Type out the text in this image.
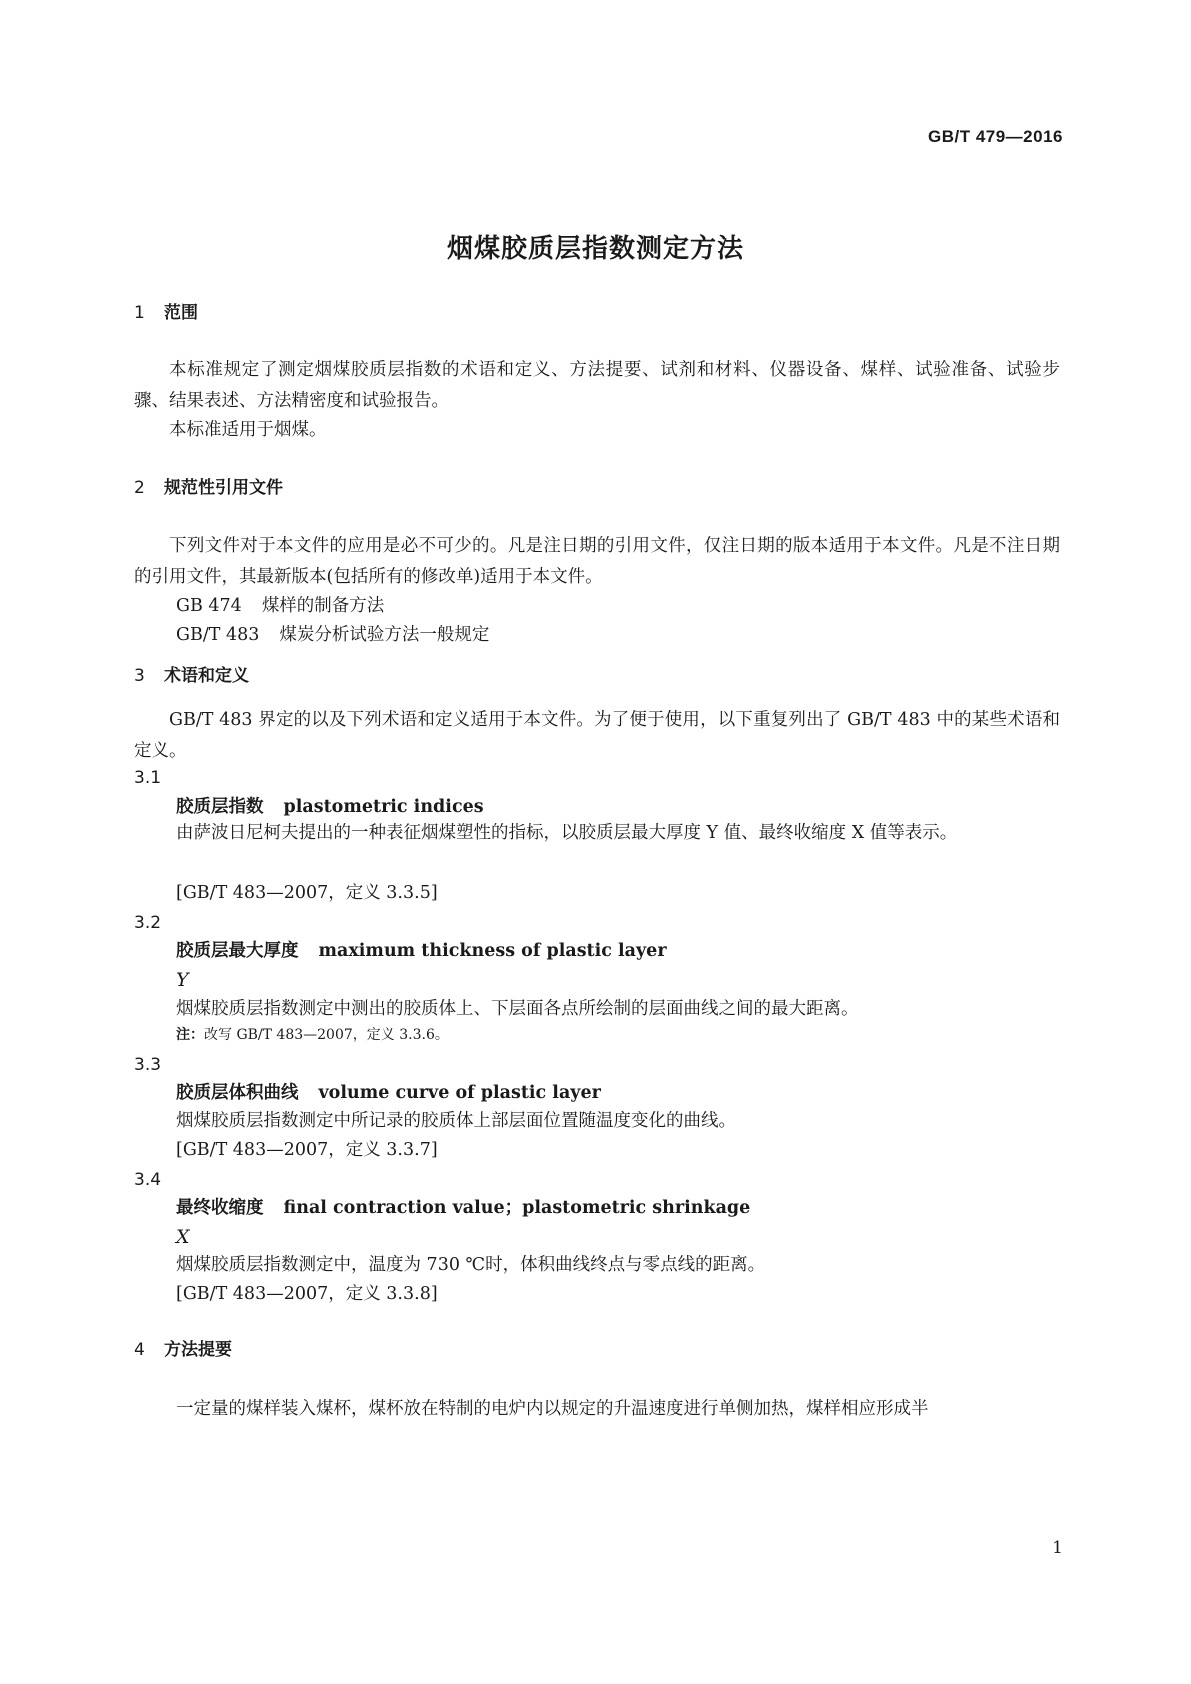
GB/T 479—2016
烟煤胶质层指数测定方法
1 范围

本标准规定了测定烟煤胶质层指数的术语和定义、方法提要、试剂和材料、仪器设备、煤样、试验准备、试验步骤、结果表述、方法精密度和试验报告。

本标准适用于烟煤。

2 规范性引用文件

下列文件对于本文件的应用是必不可少的。凡是注日期的引用文件，仅注日期的版本适用于本文件。凡是不注日期的引用文件，其最新版本(包括所有的修改单)适用于本文件。

GB 474 煤样的制备方法
GB/T 483 煤炭分析试验方法一般规定
3 术语和定义

GB/T 483 界定的以及下列术语和定义适用于本文件。为了便于使用，以下重复列出了 GB/T 483 中的某些术语和定义。

3.1
胶质层指数 plastometric indices

由萨波日尼柯夫提出的一种表征烟煤塑性的指标，以胶质层最大厚度 Y 值、最终收缩度 X 值等表示。

[GB/T 483—2007，定义 3.3.5]
3.2
胶质层最大厚度 maximum thickness of plastic layer
Y
烟煤胶质层指数测定中测出的胶质体上、下层面各点所绘制的层面曲线之间的最大距离。
注：改写 GB/T 483—2007，定义 3.3.6。
3.3
胶质层体积曲线 volume curve of plastic layer
烟煤胶质层指数测定中所记录的胶质体上部层面位置随温度变化的曲线。
[GB/T 483—2007，定义 3.3.7]
3.4
最终收缩度 final contraction value；plastometric shrinkage
X
烟煤胶质层指数测定中，温度为 730 ℃时，体积曲线终点与零点线的距离。
[GB/T 483—2007，定义 3.3.8]
4 方法提要
一定量的煤样装入煤杯，煤杯放在特制的电炉内以规定的升温速度进行单侧加热，煤样相应形成半
1
